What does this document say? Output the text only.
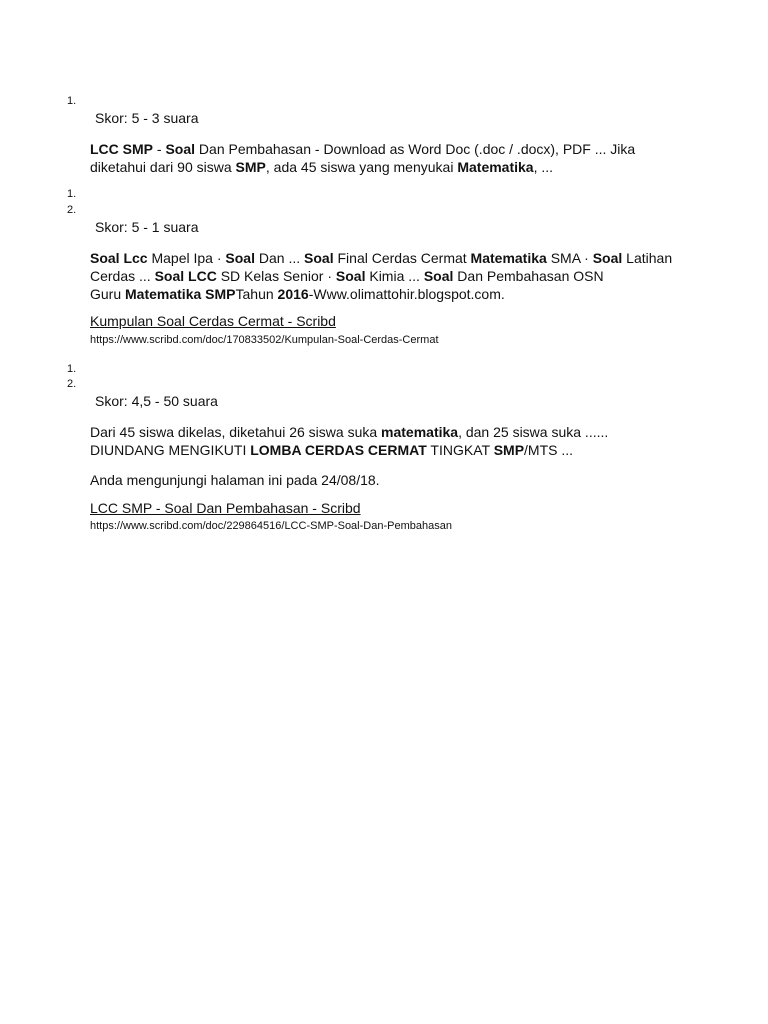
1.
Skor: 5 - 3 suara
LCC SMP - Soal Dan Pembahasan - Download as Word Doc (.doc / .docx), PDF ... Jika
diketahui dari 90 siswa SMP, ada 45 siswa yang menyukai Matematika, ...
1.
2.
Skor: 5 - 1 suara
Soal Lcc Mapel Ipa · Soal Dan ... Soal Final Cerdas Cermat Matematika SMA · Soal Latihan
Cerdas ... Soal LCC SD Kelas Senior · Soal Kimia ... Soal Dan Pembahasan OSN
Guru Matematika SMPTahun 2016-Www.olimattohir.blogspot.com.
Kumpulan Soal Cerdas Cermat - Scribd
https://www.scribd.com/doc/170833502/Kumpulan-Soal-Cerdas-Cermat
1.
2.
Skor: 4,5 - 50 suara
Dari 45 siswa dikelas, diketahui 26 siswa suka matematika, dan 25 siswa suka ......
DIUNDANG MENGIKUTI LOMBA CERDAS CERMAT TINGKAT SMP/MTS ...
Anda mengunjungi halaman ini pada 24/08/18.
LCC SMP - Soal Dan Pembahasan - Scribd
https://www.scribd.com/doc/229864516/LCC-SMP-Soal-Dan-Pembahasan
